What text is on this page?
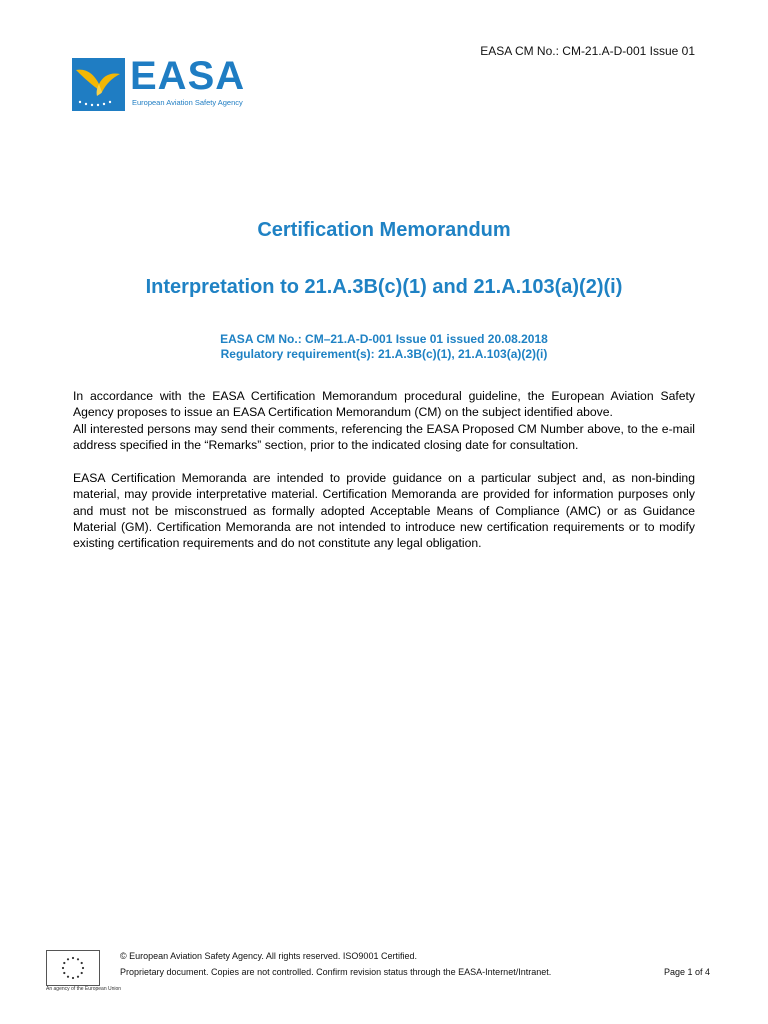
EASA CM No.: CM-21.A-D-001 Issue 01
EASA
European Aviation Safety Agency
Certification Memorandum
Interpretation to 21.A.3B(c)(1) and 21.A.103(a)(2)(i)
EASA CM No.: CM–21.A-D-001 Issue 01 issued 20.08.2018
Regulatory requirement(s): 21.A.3B(c)(1), 21.A.103(a)(2)(i)

In accordance with the EASA Certification Memorandum procedural guideline, the European Aviation Safety Agency proposes to issue an EASA Certification Memorandum (CM) on the subject identified above.

All interested persons may send their comments, referencing the EASA Proposed CM Number above, to the e-mail address specified in the “Remarks” section, prior to the indicated closing date for consultation.

EASA Certification Memoranda are intended to provide guidance on a particular subject and, as non-binding material, may provide interpretative material. Certification Memoranda are provided for information purposes only and must not be misconstrued as formally adopted Acceptable Means of Compliance (AMC) or as Guidance Material (GM). Certification Memoranda are not intended to introduce new certification requirements or to modify existing certification requirements and do not constitute any legal obligation.

An agency of the European Union
© European Aviation Safety Agency. All rights reserved. ISO9001 Certified.
Proprietary document. Copies are not controlled. Confirm revision status through the EASA-Internet/Intranet.	Page 1 of 4
